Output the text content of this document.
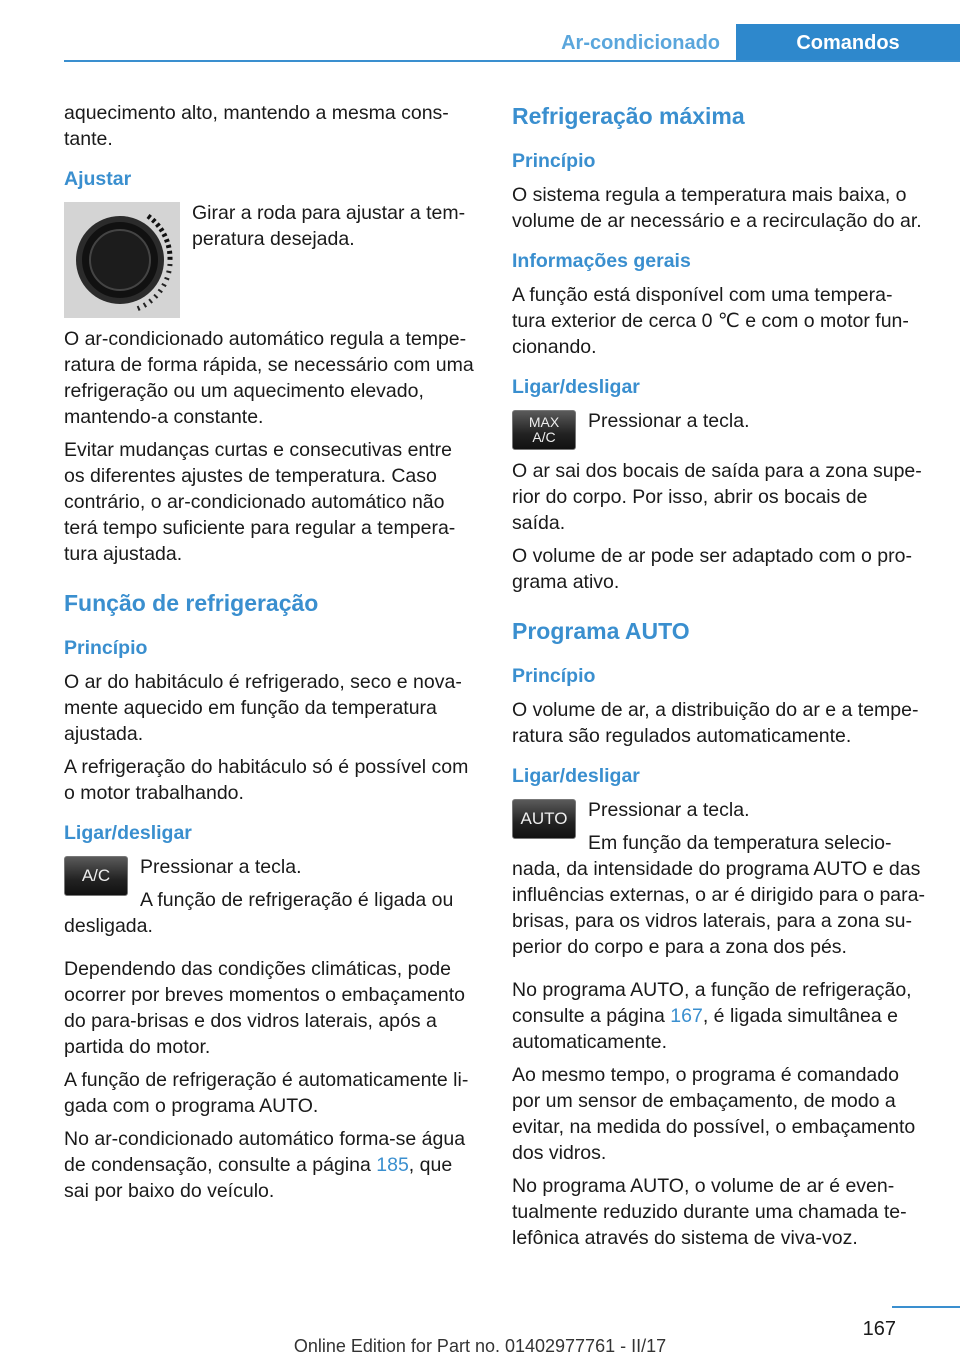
Ar-condicionado	Comandos

aquecimento alto, mantendo a mesma cons‐tante.

Ajustar

Girar a roda para ajustar a tem‐peratura desejada.

O ar-condicionado automático regula a tempe‐ratura de forma rápida, se necessário com uma refrigeração ou um aquecimento elevado, mantendo-a constante.

Evitar mudanças curtas e consecutivas entre os diferentes ajustes de temperatura. Caso contrário, o ar-condicionado automático não terá tempo suficiente para regular a tempera‐tura ajustada.

Função de refrigeração
Princípio

O ar do habitáculo é refrigerado, seco e nova‐mente aquecido em função da temperatura ajustada.

A refrigeração do habitáculo só é possível com o motor trabalhando.

Ligar/desligar
A/C	Pressionar a tecla.

A função de refrigeração é ligada ou desligada.

Dependendo das condições climáticas, pode ocorrer por breves momentos o embaçamento do para-brisas e dos vidros laterais, após a partida do motor.

A função de refrigeração é automaticamente li‐gada com o programa AUTO.

No ar-condicionado automático forma-se água de condensação, consulte a página 185, que sai por baixo do veículo.

Refrigeração máxima
Princípio

O sistema regula a temperatura mais baixa, o volume de ar necessário e a recirculação do ar.

Informações gerais

A função está disponível com uma tempera‐tura exterior de cerca 0 ℃ e com o motor fun‐cionando.

Ligar/desligar
MAX
A/C

Pressionar a tecla.

O ar sai dos bocais de saída para a zona supe‐rior do corpo. Por isso, abrir os bocais de saída.

O volume de ar pode ser adaptado com o pro‐grama ativo.

Programa AUTO
Princípio

O volume de ar, a distribuição do ar e a tempe‐ratura são regulados automaticamente.

Ligar/desligar
AUTO	Pressionar a tecla.

Em função da temperatura selecio‐nada, da intensidade do programa AUTO e das influências externas, o ar é dirigido para o para-brisas, para os vidros laterais, para a zona su‐perior do corpo e para a zona dos pés.

No programa AUTO, a função de refrigeração, consulte a página 167, é ligada simultânea e automaticamente.

Ao mesmo tempo, o programa é comandado por um sensor de embaçamento, de modo a evitar, na medida do possível, o embaçamento dos vidros.

No programa AUTO, o volume de ar é even‐tualmente reduzido durante uma chamada te‐lefônica através do sistema de viva-voz.

167
Online Edition for Part no. 01402977761 - II/17
